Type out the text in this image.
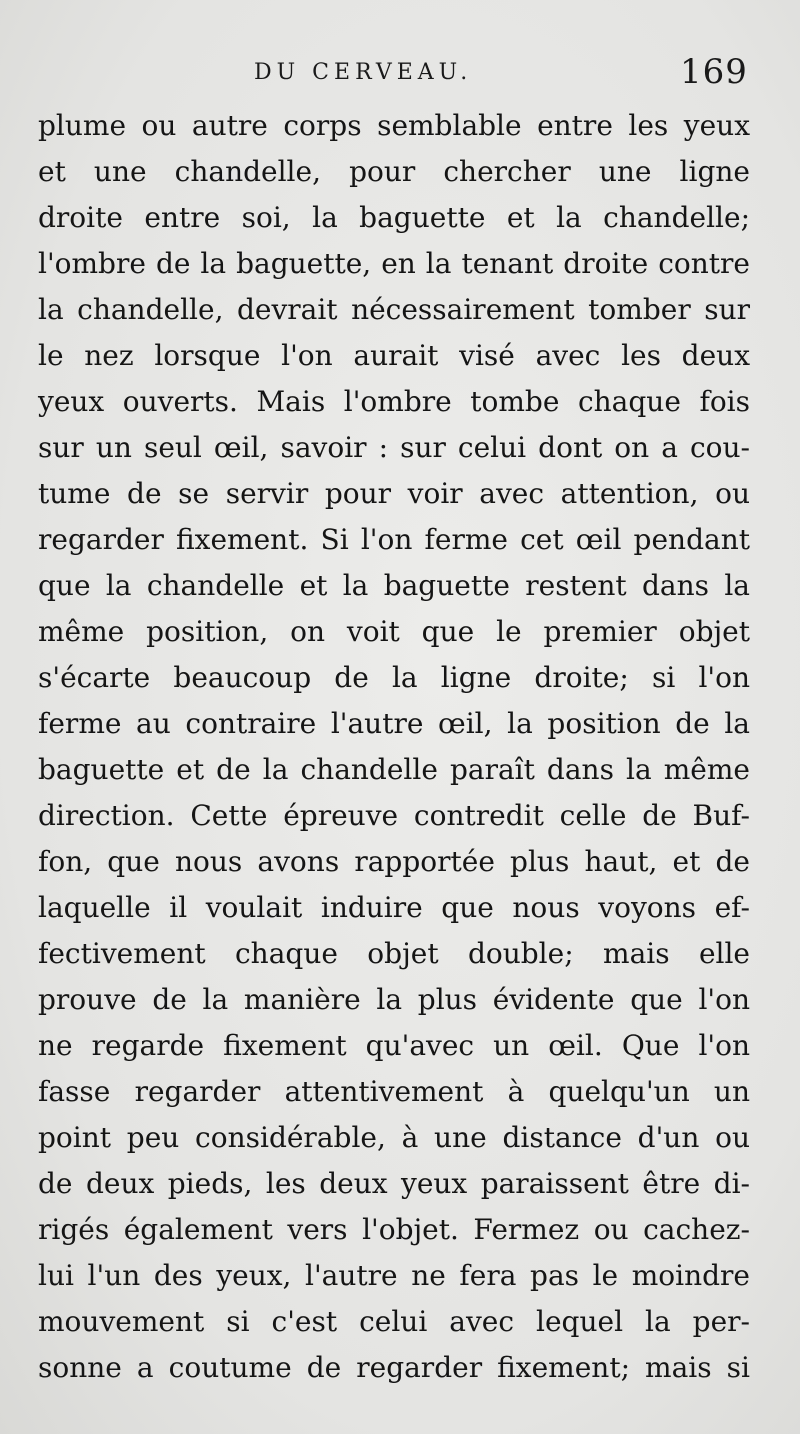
DU CERVEAU.	169
plume ou autre corps semblable entre les yeux
et une chandelle, pour chercher une ligne
droite entre soi, la baguette et la chandelle;
l'ombre de la baguette, en la tenant droite contre
la chandelle, devrait nécessairement tomber sur
le nez lorsque l'on aurait visé avec les deux
yeux ouverts. Mais l'ombre tombe chaque fois
sur un seul œil, savoir : sur celui dont on a cou-
tume de se servir pour voir avec attention, ou
regarder fixement. Si l'on ferme cet œil pendant
que la chandelle et la baguette restent dans la
même position, on voit que le premier objet
s'écarte beaucoup de la ligne droite; si l'on
ferme au contraire l'autre œil, la position de la
baguette et de la chandelle paraît dans la même
direction. Cette épreuve contredit celle de Buf-
fon, que nous avons rapportée plus haut, et de
laquelle il voulait induire que nous voyons ef-
fectivement chaque objet double; mais elle
prouve de la manière la plus évidente que l'on
ne regarde fixement qu'avec un œil. Que l'on
fasse regarder attentivement à quelqu'un un
point peu considérable, à une distance d'un ou
de deux pieds, les deux yeux paraissent être di-
rigés également vers l'objet. Fermez ou cachez-
lui l'un des yeux, l'autre ne fera pas le moindre
mouvement si c'est celui avec lequel la per-
sonne a coutume de regarder fixement; mais si
